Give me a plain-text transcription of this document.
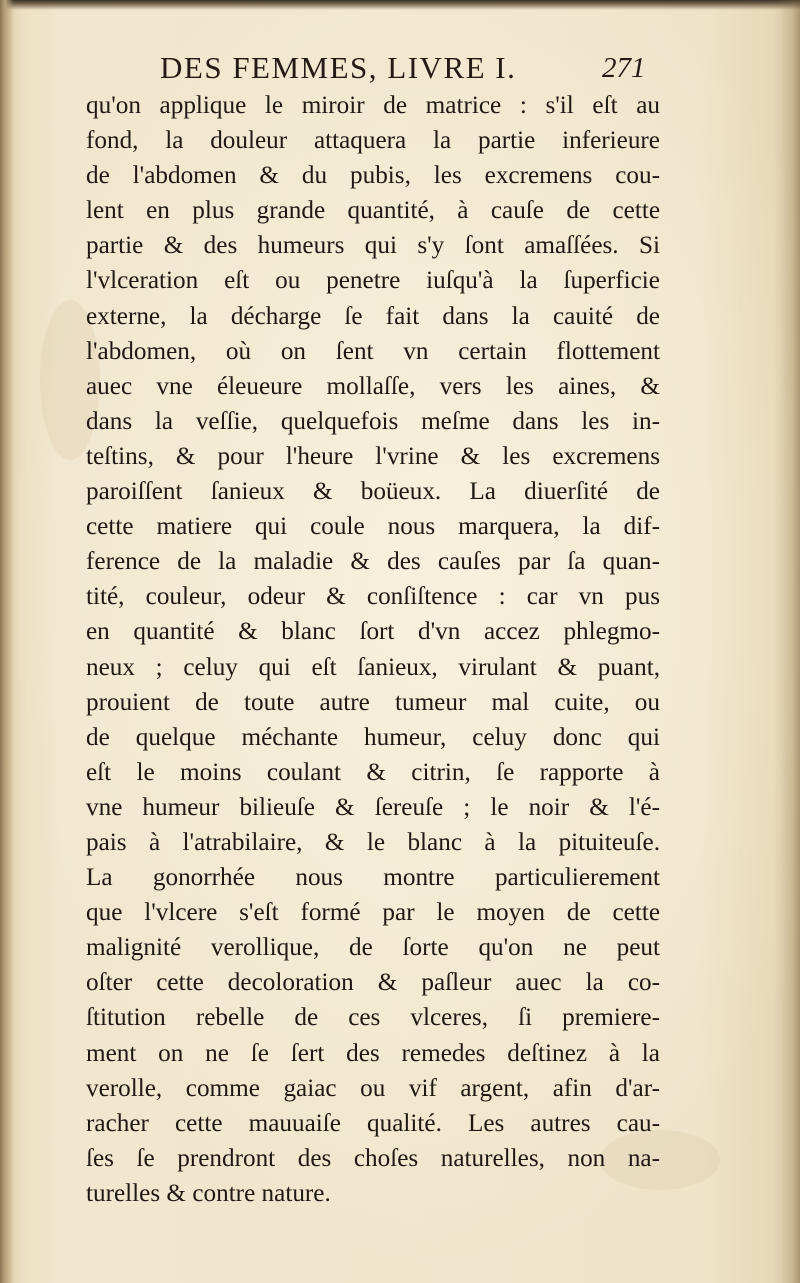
DES FEMMES, LIVRE I.	271
qu'on applique le miroir de matrice : s'il eſt au
fond, la douleur attaquera la partie inferieure
de l'abdomen & du pubis, les excremens cou-
lent en plus grande quantité, à cauſe de cette
partie & des humeurs qui s'y ſont amaſſées. Si
l'vlceration eſt ou penetre iuſqu'à la ſuperficie
externe, la décharge ſe fait dans la cauité de
l'abdomen, où on ſent vn certain flottement
auec vne éleueure mollaſſe, vers les aines, &
dans la veſſie, quelquefois meſme dans les in-
teſtins, & pour l'heure l'vrine & les excremens
paroiſſent ſanieux & boüeux. La diuerſité de
cette matiere qui coule nous marquera, la dif-
ference de la maladie & des cauſes par ſa quan-
tité, couleur, odeur & conſiſtence : car vn pus
en quantité & blanc ſort d'vn accez phlegmo-
neux ; celuy qui eſt ſanieux, virulant & puant,
prouient de toute autre tumeur mal cuite, ou
de quelque méchante humeur, celuy donc qui
eſt le moins coulant & citrin, ſe rapporte à
vne humeur bilieuſe & ſereuſe ; le noir & l'é-
pais à l'atrabilaire, & le blanc à la pituiteuſe.
La gonorrhée nous montre particulierement
que l'vlcere s'eſt formé par le moyen de cette
malignité verollique, de ſorte qu'on ne peut
oſter cette decoloration & paſleur auec la co-
ſtitution rebelle de ces vlceres, ſi premiere-
ment on ne ſe ſert des remedes deſtinez à la
verolle, comme gaiac ou vif argent, afin d'ar-
racher cette mauuaiſe qualité. Les autres cau-
ſes ſe prendront des choſes naturelles, non na-
turelles & contre nature.
